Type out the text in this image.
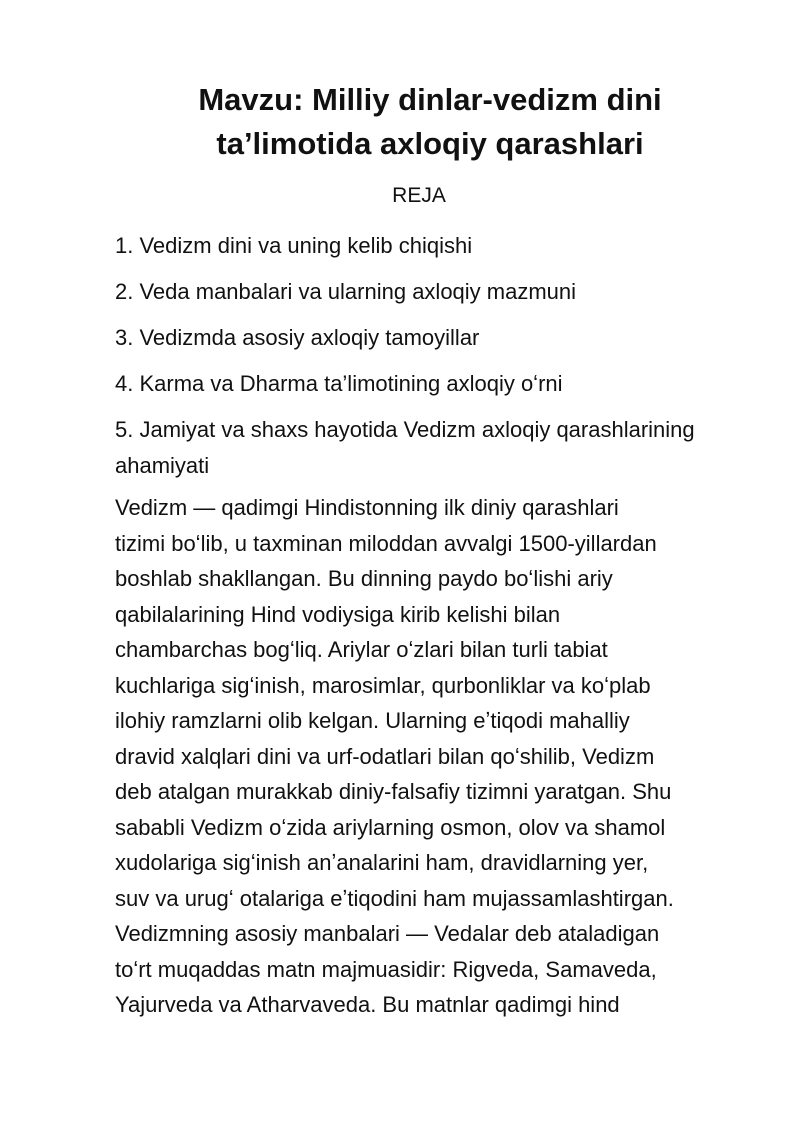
Mavzu: Milliy dinlar-vedizm dini
ta’limotida axloqiy qarashlari
REJA
1. Vedizm dini va uning kelib chiqishi
2. Veda manbalari va ularning axloqiy mazmuni
3. Vedizmda asosiy axloqiy tamoyillar
4. Karma va Dharma ta’limotining axloqiy oʻrni
5. Jamiyat va shaxs hayotida Vedizm axloqiy qarashlarining ahamiyati

Vedizm — qadimgi Hindistonning ilk diniy qarashlari
tizimi boʻlib, u taxminan miloddan avvalgi 1500-yillardan
boshlab shakllangan. Bu dinning paydo boʻlishi ariy
qabilalarining Hind vodiysiga kirib kelishi bilan
chambarchas bogʻliq. Ariylar oʻzlari bilan turli tabiat
kuchlariga sigʻinish, marosimlar, qurbonliklar va koʻplab
ilohiy ramzlarni olib kelgan. Ularning eʼtiqodi mahalliy
dravid xalqlari dini va urf-odatlari bilan qoʻshilib, Vedizm
deb atalgan murakkab diniy-falsafiy tizimni yaratgan. Shu
sababli Vedizm oʻzida ariylarning osmon, olov va shamol
xudolariga sigʻinish anʼanalarini ham, dravidlarning yer,
suv va urugʻ otalariga eʼtiqodini ham mujassamlashtirgan.
Vedizmning asosiy manbalari — Vedalar deb ataladigan
toʻrt muqaddas matn majmuasidir: Rigveda, Samaveda,
Yajurveda va Atharvaveda. Bu matnlar qadimgi hind
